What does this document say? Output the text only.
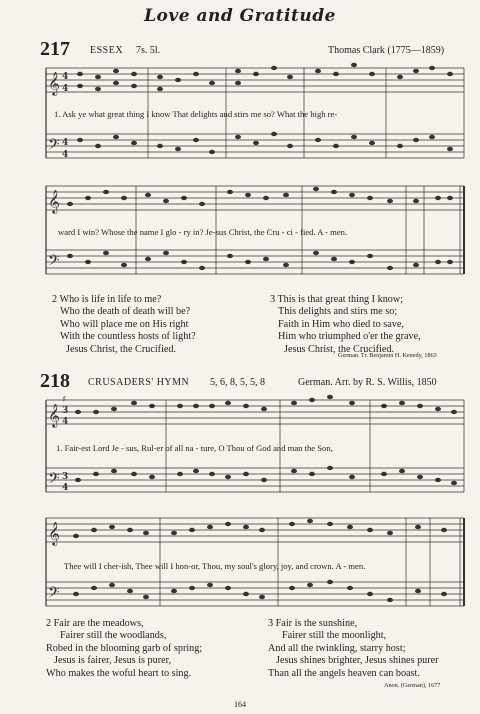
Love and Gratitude
217 ESSEX 7s. 5l.	Thomas Clark (1775—1859)
𝄞
𝄢
4
4
4
4
1. Ask ye what great thing I know That delights and stirs me so? What the high re-
𝄞
𝄢
ward I win? Whose the name I glo - ry in? Je-sus Christ, the Cru - ci - fied. A - men.
2 Who is life in life to me?
Who the death of death will be?
Who will place me on His right
With the countless hosts of light?
Jesus Christ, the Crucified.
3 This is that great thing I know;
This delights and stirs me so;
Faith in Him who died to save,
Him who triumphed o'er the grave,
Jesus Christ, the Crucified.
German. Tr. Benjamin H. Kenedy, 1863
218 CRUSADERS' HYMN 5, 6, 8, 5, 5, 8	German. Arr. by R. S. Willis, 1850
𝄞
𝄢
♯
3
4
3
4
1. Fair-est Lord Je - sus, Rul-er of all na - ture, O Thou of God and man the Son,
𝄞
𝄢
Thee will I cher-ish, Thee will I hon-or, Thou, my soul's glory, joy, and crown. A - men.
2 Fair are the meadows,
Fairer still the woodlands,
Robed in the blooming garb of spring;
Jesus is fairer, Jesus is purer,
Who makes the woful heart to sing.
3 Fair is the sunshine,
Fairer still the moonlight,
And all the twinkling, starry host;
Jesus shines brighter, Jesus shines purer
Than all the angels heaven can boast.
Anon. (German), 1677
164
